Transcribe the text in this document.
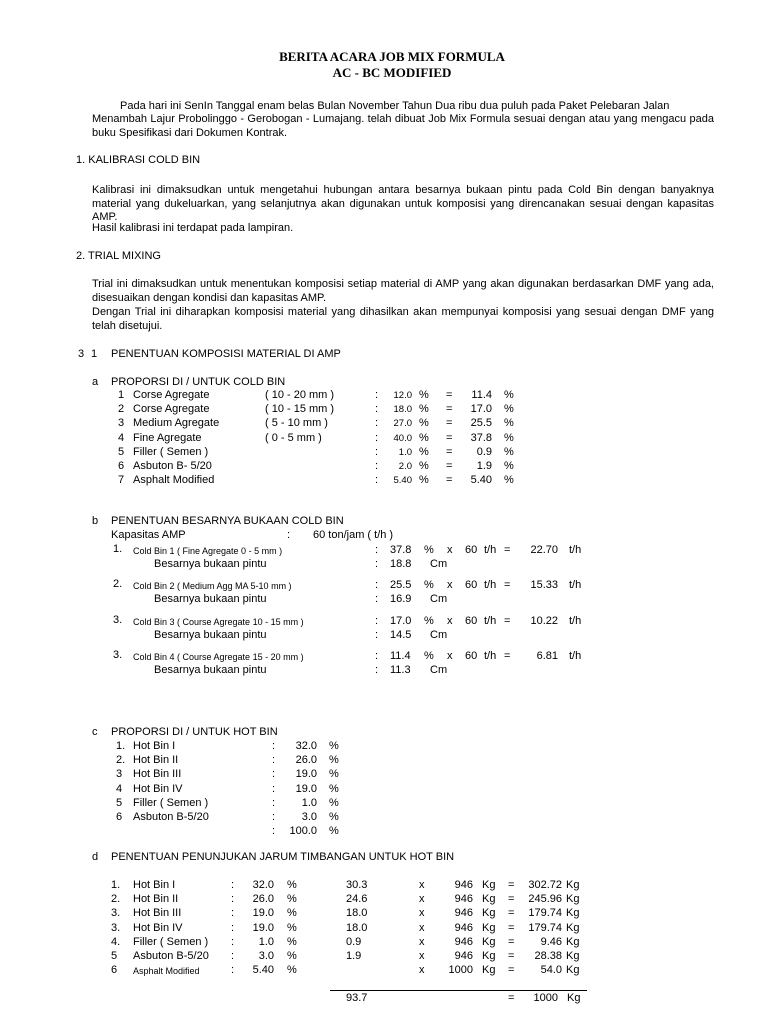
BERITA ACARA JOB MIX FORMULA
AC - BC MODIFIED
Pada hari ini SenIn Tanggal enam belas Bulan November Tahun Dua ribu dua puluh pada Paket Pelebaran Jalan
Menambah Lajur Probolinggo - Gerobogan - Lumajang. telah dibuat Job Mix Formula sesuai dengan atau yang mengacu pada buku Spesifikasi dari Dokumen Kontrak.
1. KALIBRASI COLD BIN
Kalibrasi ini dimaksudkan untuk mengetahui hubungan antara besarnya bukaan pintu pada Cold Bin dengan banyaknya material yang dukeluarkan, yang selanjutnya akan digunakan untuk komposisi yang direncanakan sesuai dengan kapasitas AMP.
Hasil kalibrasi ini terdapat pada lampiran.
2. TRIAL MIXING
Trial ini dimaksudkan untuk menentukan komposisi setiap material di AMP yang akan digunakan berdasarkan DMF yang ada, disesuaikan dengan kondisi dan kapasitas AMP.
Dengan Trial ini diharapkan komposisi material yang dihasilkan akan mempunyai komposisi yang sesuai dengan DMF yang telah disetujui.
3 1 PENENTUAN KOMPOSISI MATERIAL DI AMP
a PROPORSI DI / UNTUK COLD BIN
1 Corse Agregate	( 10 - 20 mm )	:	12.0 % =	11.4 %
2 Corse Agregate	( 10 - 15 mm )	:	18.0 % =	17.0 %
3 Medium Agregate	( 5 - 10 mm )	:	27.0 % =	25.5 %
4 Fine Agregate	( 0 - 5 mm )	:	40.0 % =	37.8 %
5 Filler ( Semen )	:	1.0 % =	0.9 %
6 Asbuton B- 5/20	:	2.0 % =	1.9 %
7 Asphalt Modified	:	5.40 % =	5.40 %
b PENENTUAN BESARNYA BUKAAN COLD BIN
Kapasitas AMP	: 60 ton/jam ( t/h )
1. Cold Bin 1 ( Fine Agregate 0 - 5 mm )	: 37.8 % x 60 t/h =	22.70 t/h
Besarnya bukaan pintu	: 18.8 Cm
2. Cold Bin 2 ( Medium Agg MA 5-10 mm )	: 25.5 % x 60 t/h =	15.33 t/h
Besarnya bukaan pintu	: 16.9 Cm
3. Cold Bin 3 ( Course Agregate 10 - 15 mm )	: 17.0 % x 60 t/h =	10.22 t/h
Besarnya bukaan pintu	: 14.5 Cm
3. Cold Bin 4 ( Course Agregate 15 - 20 mm )	: 11.4 % x 60 t/h =	6.81 t/h
Besarnya bukaan pintu	: 11.3 Cm
c PROPORSI DI / UNTUK HOT BIN
1. Hot Bin I	:	32.0 %
2. Hot Bin II	:	26.0 %
3 Hot Bin III	:	19.0 %
4 Hot Bin IV	:	19.0 %
5 Filler ( Semen )	:	1.0 %
6 Asbuton B-5/20	:	3.0 %
:	100.0 %
d PENENTUAN PENUNJUKAN JARUM TIMBANGAN UNTUK HOT BIN
1. Hot Bin I	:	32.0 %	30.3	x	946 Kg =	302.72 Kg
2. Hot Bin II	:	26.0 %	24.6	x	946 Kg =	245.96 Kg
3. Hot Bin III	:	19.0 %	18.0	x	946 Kg =	179.74 Kg
3. Hot Bin IV	:	19.0 %	18.0	x	946 Kg =	179.74 Kg
4. Filler ( Semen ) :	1.0 %	0.9	x	946 Kg =	9.46 Kg
5 Asbuton B-5/20 :	3.0 %	1.9	x	946 Kg =	28.38 Kg
6 Asphalt Modified	:	5.40 %	x	1000 Kg =	54.0 Kg
93.7	=	1000 Kg
